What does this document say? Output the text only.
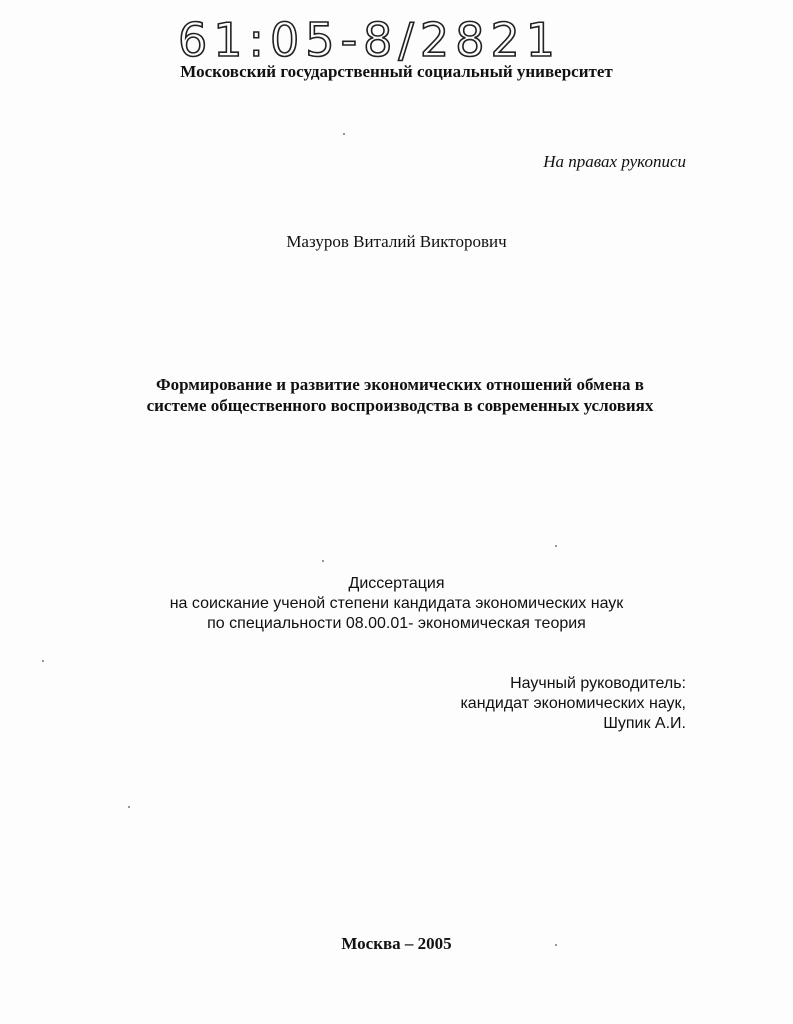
61:05-8/2821
Московский государственный социальный университет
На правах рукописи
Мазуров Виталий Викторович
Формирование и развитие экономических отношений обмена в
системе общественного воспроизводства в современных условиях
Диссертация
на соискание ученой степени кандидата экономических наук
по специальности 08.00.01- экономическая теория
Научный руководитель:
кандидат экономических наук,
Шупик А.И.
Москва – 2005
